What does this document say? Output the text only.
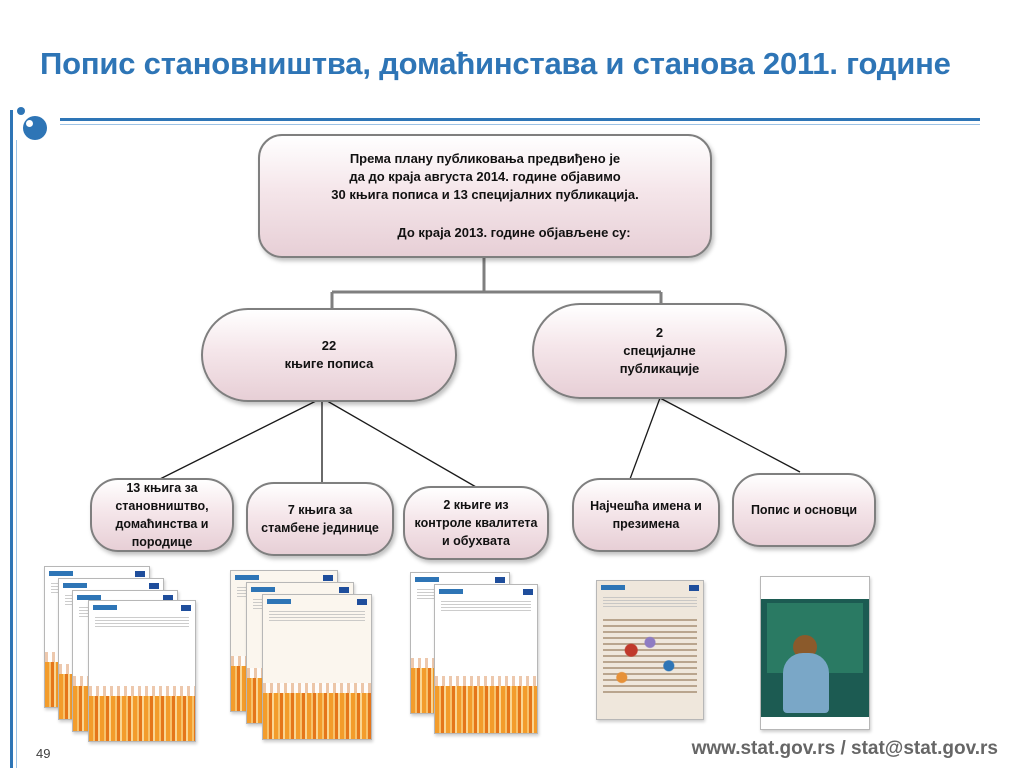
Попис становништва, домаћинстава и станова 2011. године
Према плану публиковања предвиђено је
да до краја августа 2014. године објавимо
30 књига пописа и 13 специјалних публикација.
До краја 2013. године објављене су:
22
књиге пописа
2
специјалне
публикације
13 књига за
становништво,
домаћинства и
породице
7 књига за
стамбене јединице
2 књиге из
контроле квалитета
и обухвата
Најчешћа имена и
презимена
Попис и основци
49	www.stat.gov.rs / stat@stat.gov.rs
